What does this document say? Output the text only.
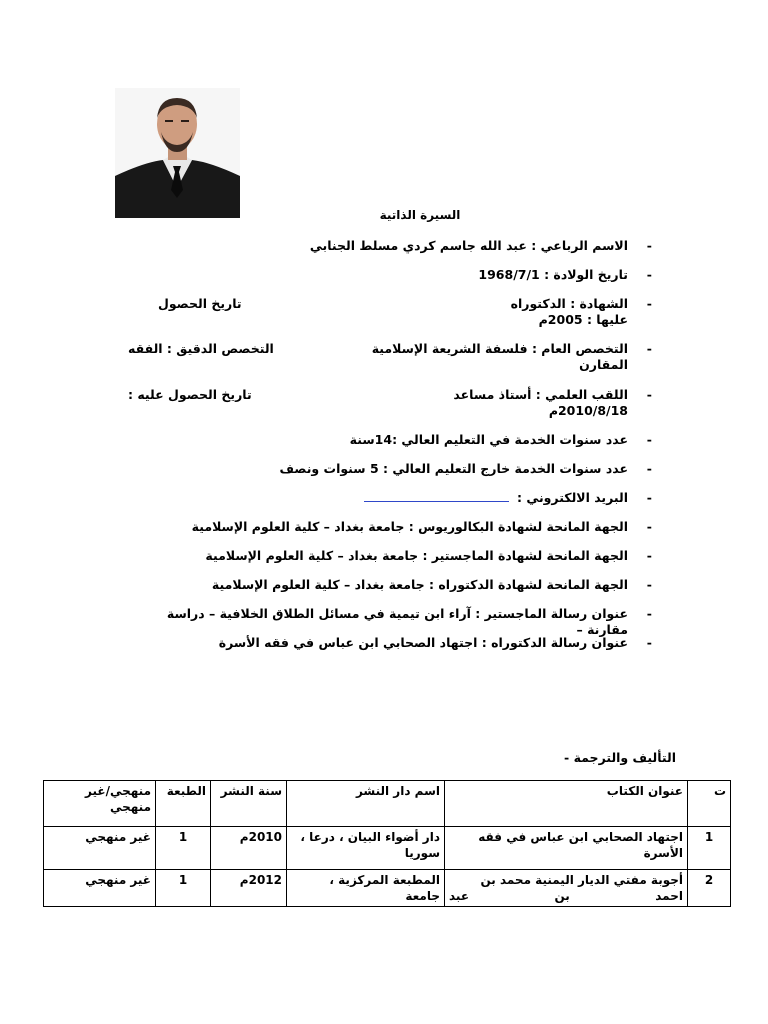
السيرة الذاتية
-
الاسم الرباعي : عبد الله جاسم كردي مسلط الجنابي
-
تاريخ الولادة : 1968/7/1
-
الشهادة : الدكتوراه
تاريخ الحصول

عليها : 2005م
-
التخصص العام : فلسفة الشريعة الإسلامية
التخصص الدقيق : الفقه

المقارن
-
اللقب العلمي : أستاذ مساعد
تاريخ الحصول عليه :

2010/8/18م
-
عدد سنوات الخدمة في التعليم العالي :14سنة
-
عدد سنوات الخدمة خارج التعليم العالي : 5 سنوات ونصف
-
البريد الالكتروني :
-
الجهة المانحة لشهادة البكالوريوس : جامعة بغداد – كلية العلوم الإسلامية
-
الجهة المانحة لشهادة الماجستير : جامعة بغداد – كلية العلوم الإسلامية
-
الجهة المانحة لشهادة الدكتوراه : جامعة بغداد – كلية العلوم الإسلامية
-
عنوان رسالة الماجستير : آراء ابن تيمية في مسائل الطلاق الخلافية – دراسة مقارنة –
-
عنوان رسالة الدكتوراه : اجتهاد الصحابي ابن عباس في فقه الأسرة
التأليف والترجمة -
ت	عنوان الكتاب	اسم دار النشر	سنة النشر	الطبعة	منهجي/غير منهجي
1	اجتهاد الصحابي ابن عباس في فقه الأسرة	دار أضواء البيان ، درعا ، سوريا	2010م	1	غير منهجي
2	أجوبة مفتي الديار اليمنية محمد بن احمد بن عبد	المطبعة المركزية ، جامعة	2012م	1	غير منهجي
